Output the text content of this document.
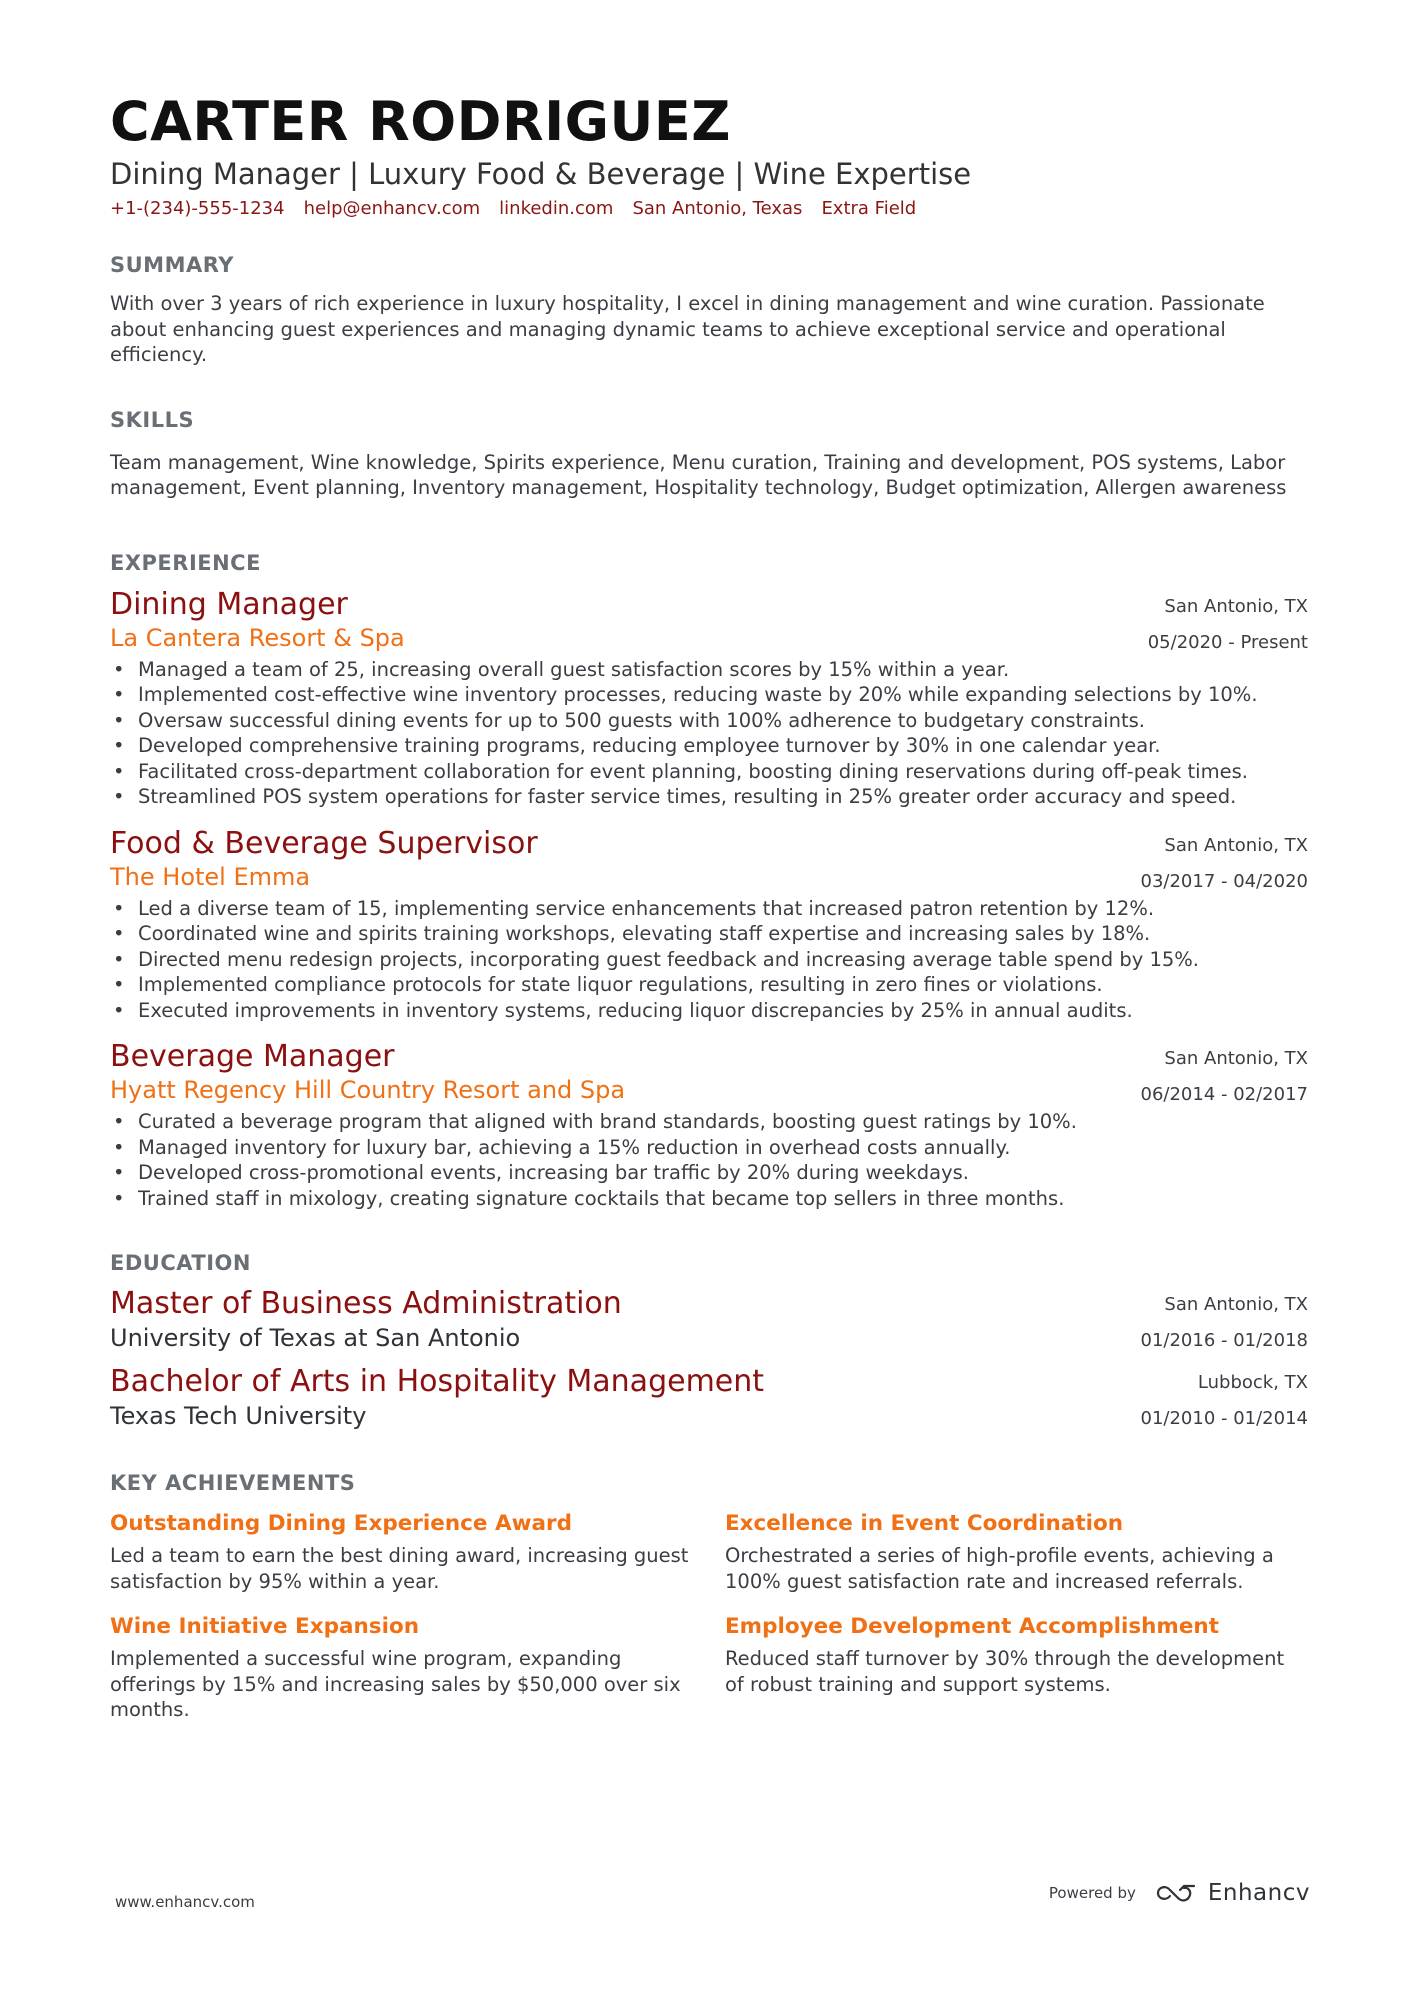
CARTER RODRIGUEZ
Dining Manager | Luxury Food & Beverage | Wine Expertise
+1-(234)-555-1234 help@enhancv.com linkedin.com San Antonio, Texas Extra Field
SUMMARY
With over 3 years of rich experience in luxury hospitality, I excel in dining management and wine curation. Passionate about enhancing guest experiences and managing dynamic teams to achieve exceptional service and operational efficiency.
SKILLS
Team management, Wine knowledge, Spirits experience, Menu curation, Training and development, POS systems, Labor management, Event planning, Inventory management, Hospitality technology, Budget optimization, Allergen awareness
EXPERIENCE
Dining Manager
La Cantera Resort & Spa
San Antonio, TX
05/2020 - Present
• Managed a team of 25, increasing overall guest satisfaction scores by 15% within a year.
• Implemented cost-effective wine inventory processes, reducing waste by 20% while expanding selections by 10%.
• Oversaw successful dining events for up to 500 guests with 100% adherence to budgetary constraints.
• Developed comprehensive training programs, reducing employee turnover by 30% in one calendar year.
• Facilitated cross-department collaboration for event planning, boosting dining reservations during off-peak times.
• Streamlined POS system operations for faster service times, resulting in 25% greater order accuracy and speed.
Food & Beverage Supervisor
The Hotel Emma
San Antonio, TX
03/2017 - 04/2020
• Led a diverse team of 15, implementing service enhancements that increased patron retention by 12%.
• Coordinated wine and spirits training workshops, elevating staff expertise and increasing sales by 18%.
• Directed menu redesign projects, incorporating guest feedback and increasing average table spend by 15%.
• Implemented compliance protocols for state liquor regulations, resulting in zero fines or violations.
• Executed improvements in inventory systems, reducing liquor discrepancies by 25% in annual audits.
Beverage Manager
Hyatt Regency Hill Country Resort and Spa
San Antonio, TX
06/2014 - 02/2017
• Curated a beverage program that aligned with brand standards, boosting guest ratings by 10%.
• Managed inventory for luxury bar, achieving a 15% reduction in overhead costs annually.
• Developed cross-promotional events, increasing bar traffic by 20% during weekdays.
• Trained staff in mixology, creating signature cocktails that became top sellers in three months.
EDUCATION
Master of Business Administration
University of Texas at San Antonio
San Antonio, TX
01/2016 - 01/2018
Bachelor of Arts in Hospitality Management
Texas Tech University
Lubbock, TX
01/2010 - 01/2014
KEY ACHIEVEMENTS
Outstanding Dining Experience Award
Led a team to earn the best dining award, increasing guest satisfaction by 95% within a year.
Excellence in Event Coordination
Orchestrated a series of high-profile events, achieving a 100% guest satisfaction rate and increased referrals.
Wine Initiative Expansion
Implemented a successful wine program, expanding offerings by 15% and increasing sales by $50,000 over six months.
Employee Development Accomplishment
Reduced staff turnover by 30% through the development of robust training and support systems.
www.enhancv.com	Powered by	Enhancv
